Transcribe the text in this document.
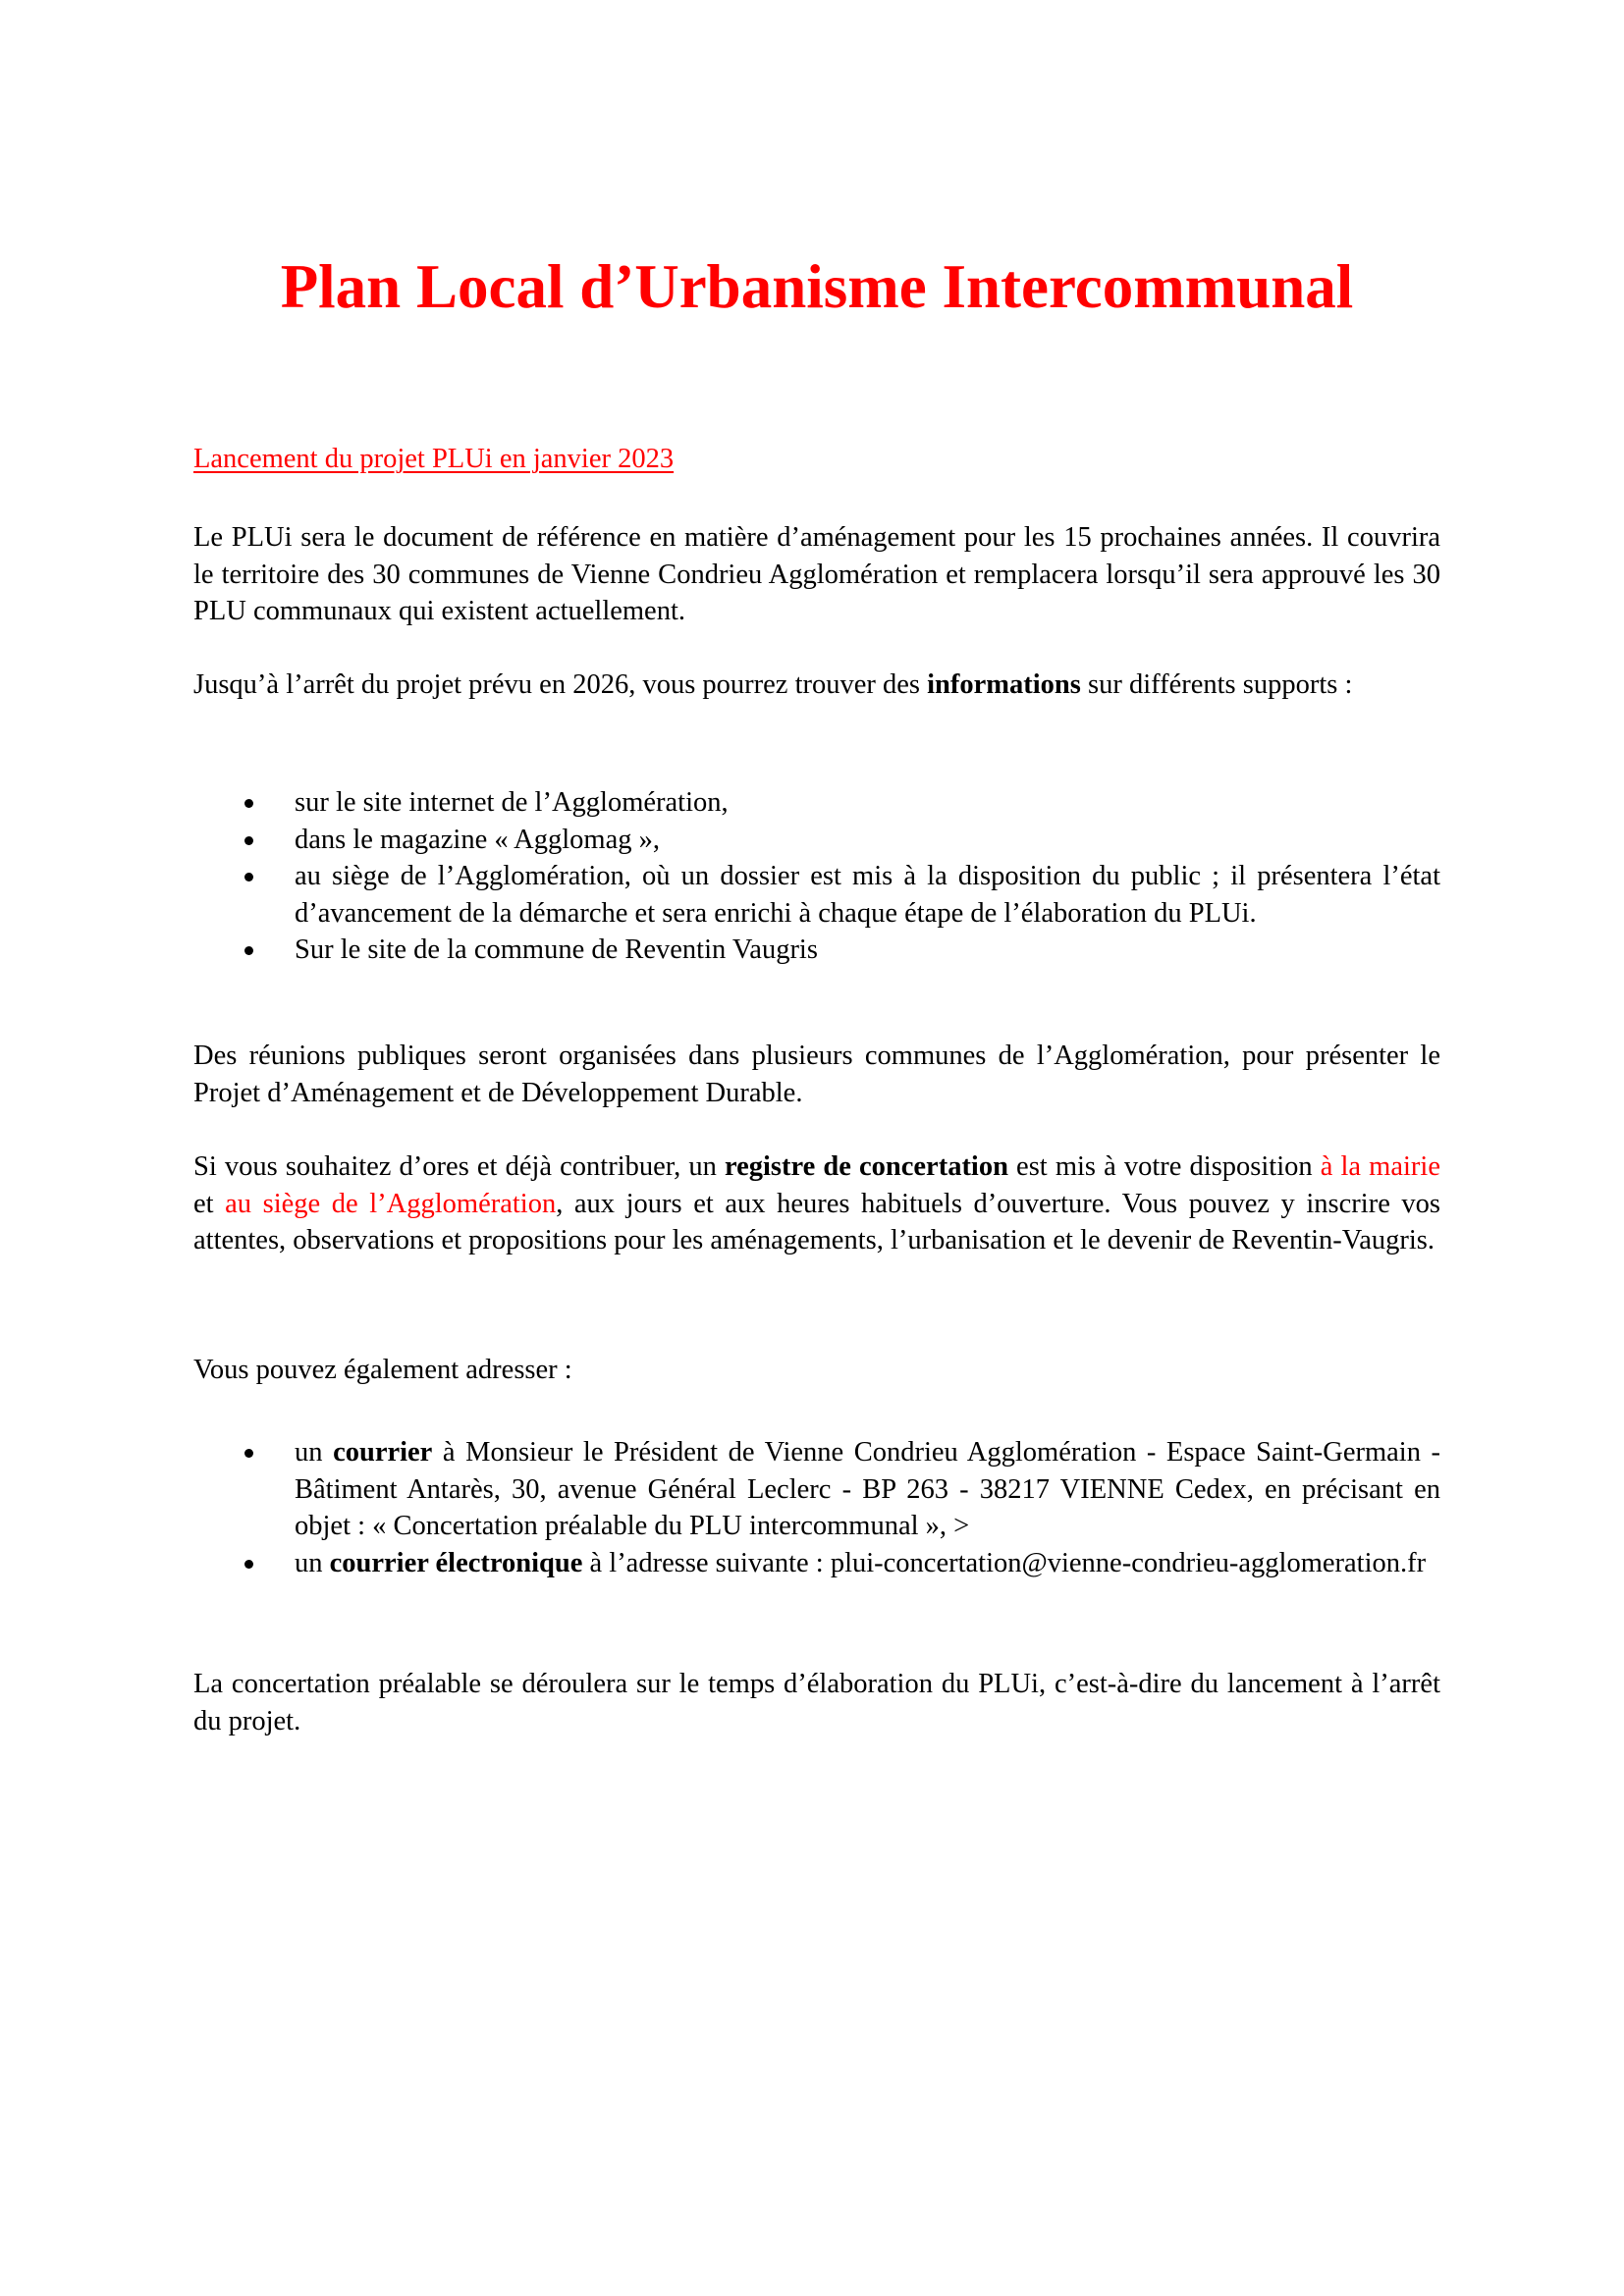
Plan Local d’Urbanisme Intercommunal

Lancement du projet PLUi en janvier 2023

Le PLUi sera le document de référence en matière d’aménagement pour les 15 prochaines années. Il couvrira le territoire des 30 communes de Vienne Condrieu Agglomération et remplacera lorsqu’il sera approuvé les 30 PLU communaux qui existent actuellement.

Jusqu’à l’arrêt du projet prévu en 2026, vous pourrez trouver des informations sur différents supports :

sur le site internet de l’Agglomération,
dans le magazine « Agglomag »,
au siège de l’Agglomération, où un dossier est mis à la disposition du public ; il présentera l’état d’avancement de la démarche et sera enrichi à chaque étape de l’élaboration du PLUi.
Sur le site de la commune de Reventin Vaugris

Des réunions publiques seront organisées dans plusieurs communes de l’Agglomération, pour présenter le Projet d’Aménagement et de Développement Durable.

Si vous souhaitez d’ores et déjà contribuer, un registre de concertation est mis à votre disposition à la mairie et au siège de l’Agglomération, aux jours et aux heures habituels d’ouverture. Vous pouvez y inscrire vos attentes, observations et propositions pour les aménagements, l’urbanisation et le devenir de Reventin-Vaugris.

Vous pouvez également adresser :

un courrier à Monsieur le Président de Vienne Condrieu Agglomération - Espace Saint-Germain - Bâtiment Antarès, 30, avenue Général Leclerc - BP 263 - 38217 VIENNE Cedex, en précisant en objet : « Concertation préalable du PLU intercommunal », >
un courrier électronique à l’adresse suivante : plui-concertation@vienne-condrieu-agglomeration.fr

La concertation préalable se déroulera sur le temps d’élaboration du PLUi, c’est-à-dire du lancement à l’arrêt du projet.
